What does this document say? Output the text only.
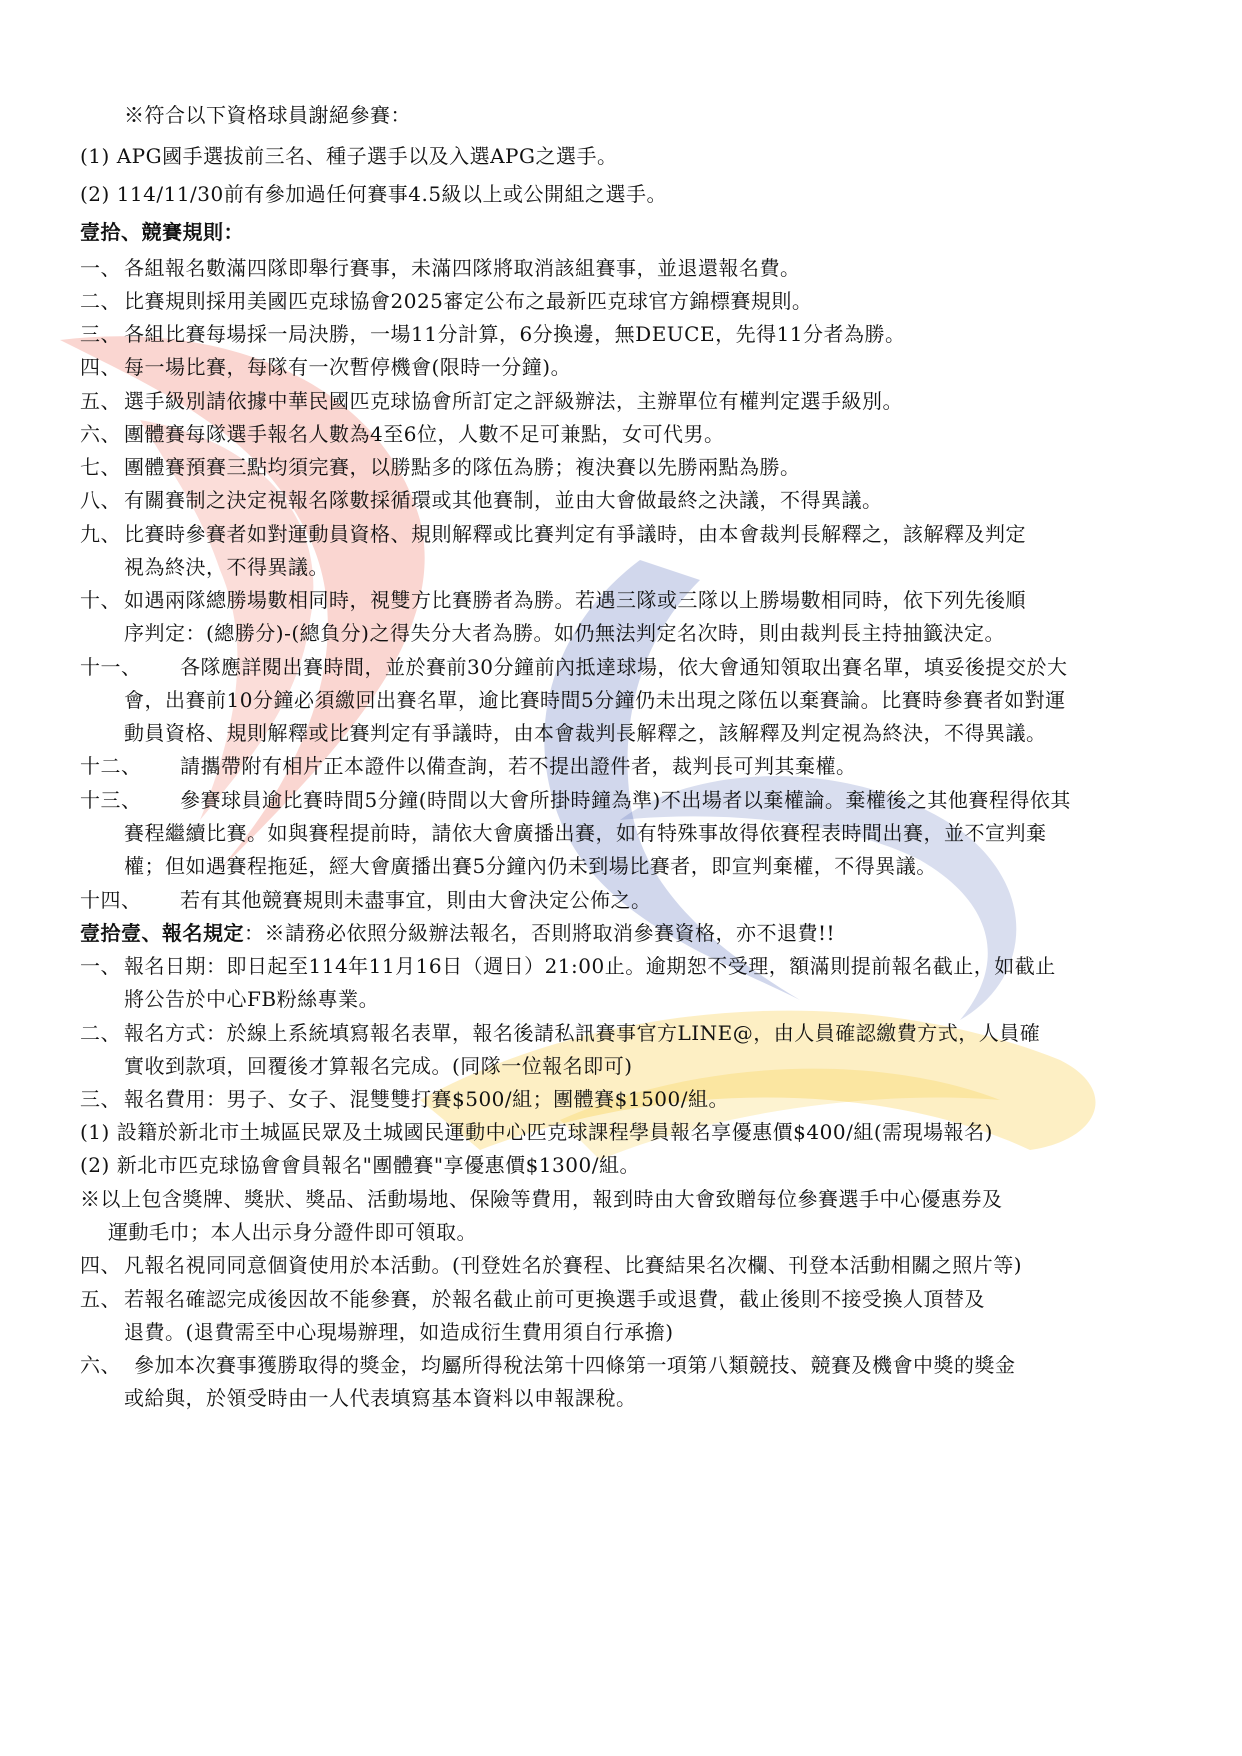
※符合以下資格球員謝絕參賽：
(1) APG國手選拔前三名、種子選手以及入選APG之選手。
(2) 114/11/30前有參加過任何賽事4.5級以上或公開組之選手。
壹拾、競賽規則：
一、 各組報名數滿四隊即舉行賽事，未滿四隊將取消該組賽事，並退還報名費。
二、 比賽規則採用美國匹克球協會2025審定公布之最新匹克球官方錦標賽規則。
三、 各組比賽每場採一局決勝，一場11分計算，6分換邊，無DEUCE，先得11分者為勝。
四、 每一場比賽，每隊有一次暫停機會(限時一分鐘)。
五、 選手級別請依據中華民國匹克球協會所訂定之評級辦法，主辦單位有權判定選手級別。
六、 團體賽每隊選手報名人數為4至6位，人數不足可兼點，女可代男。
七、 團體賽預賽三點均須完賽，以勝點多的隊伍為勝；複決賽以先勝兩點為勝。
八、 有關賽制之決定視報名隊數採循環或其他賽制，並由大會做最終之決議，不得異議。
九、 比賽時參賽者如對運動員資格、規則解釋或比賽判定有爭議時，由本會裁判長解釋之，該解釋及判定
視為終決，不得異議。
十、 如遇兩隊總勝場數相同時，視雙方比賽勝者為勝。若遇三隊或三隊以上勝場數相同時，依下列先後順
序判定：(總勝分)-(總負分)之得失分大者為勝。如仍無法判定名次時，則由裁判長主持抽籤決定。
十一、 各隊應詳閱出賽時間，並於賽前30分鐘前內抵達球場，依大會通知領取出賽名單，填妥後提交於大
會，出賽前10分鐘必須繳回出賽名單，逾比賽時間5分鐘仍未出現之隊伍以棄賽論。比賽時參賽者如對運
動員資格、規則解釋或比賽判定有爭議時，由本會裁判長解釋之，該解釋及判定視為終決，不得異議。
十二、 請攜帶附有相片正本證件以備查詢，若不提出證件者，裁判長可判其棄權。
十三、 參賽球員逾比賽時間5分鐘(時間以大會所掛時鐘為準)不出場者以棄權論。棄權後之其他賽程得依其
賽程繼續比賽。如與賽程提前時，請依大會廣播出賽，如有特殊事故得依賽程表時間出賽，並不宣判棄
權；但如遇賽程拖延，經大會廣播出賽5分鐘內仍未到場比賽者，即宣判棄權，不得異議。
十四、 若有其他競賽規則未盡事宜，則由大會決定公佈之。
壹拾壹、報名規定：※請務必依照分級辦法報名，否則將取消參賽資格，亦不退費!!
一、 報名日期：即日起至114年11月16日（週日）21:00止。逾期恕不受理，額滿則提前報名截止，如截止
將公告於中心FB粉絲專業。
二、 報名方式：於線上系統填寫報名表單，報名後請私訊賽事官方LINE@，由人員確認繳費方式，人員確
實收到款項，回覆後才算報名完成。(同隊一位報名即可)
三、 報名費用：男子、女子、混雙雙打賽$500/組；團體賽$1500/組。
(1) 設籍於新北市土城區民眾及土城國民運動中心匹克球課程學員報名享優惠價$400/組(需現場報名)
(2) 新北市匹克球協會會員報名"團體賽"享優惠價$1300/組。
※以上包含獎牌、獎狀、獎品、活動場地、保險等費用，報到時由大會致贈每位參賽選手中心優惠券及
運動毛巾；本人出示身分證件即可領取。
四、 凡報名視同同意個資使用於本活動。(刊登姓名於賽程、比賽結果名次欄、刊登本活動相關之照片等)
五、 若報名確認完成後因故不能參賽，於報名截止前可更換選手或退費，截止後則不接受換人頂替及
退費。(退費需至中心現場辦理，如造成衍生費用須自行承擔)
六、 參加本次賽事獲勝取得的獎金，均屬所得稅法第十四條第一項第八類競技、競賽及機會中獎的獎金
或給與，於領受時由一人代表填寫基本資料以申報課稅。
